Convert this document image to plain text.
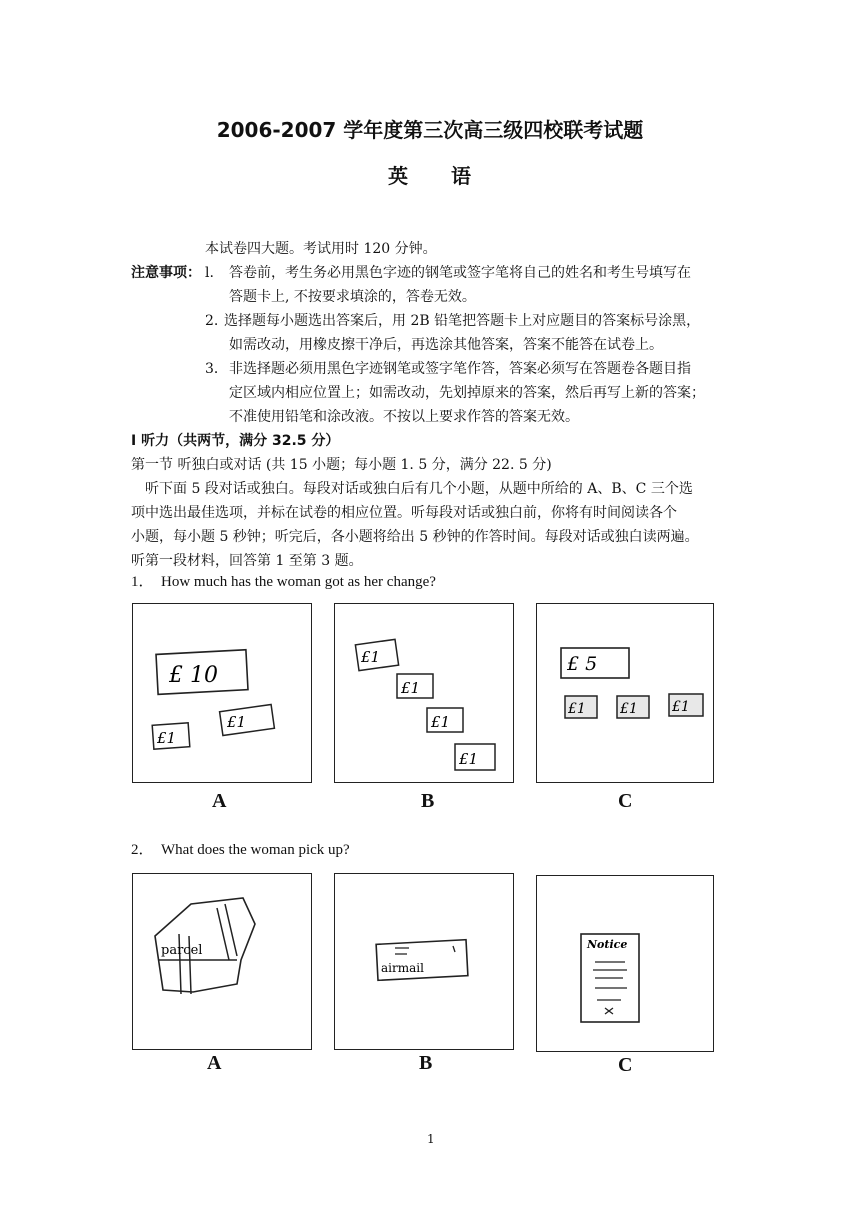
2006-2007 学年度第三次高三级四校联考试题
英　　语
本试卷四大题。考试用时 120 分钟。
注意事项： l. 答卷前，考生务必用黑色字迹的钢笔或签字笔将自己的姓名和考生号填写在
答题卡上, 不按要求填涂的，答卷无效。
2. 选择题每小题选出答案后，用 2B 铅笔把答题卡上对应题目的答案标号涂黑，
如需改动，用橡皮擦干净后，再选涂其他答案，答案不能答在试卷上。
3． 非选择题必须用黑色字迹钢笔或签字笔作答，答案必须写在答题卷各题目指
定区域内相应位置上；如需改动，先划掉原来的答案，然后再写上新的答案；
不准使用铅笔和涂改液。不按以上要求作答的答案无效。
I 听力（共两节，满分 32.5 分）
第一节 听独白或对话 (共 15 小题；每小题 1. 5 分，满分 22. 5 分)
听下面 5 段对话或独白。每段对话或独白后有几个小题，从题中所给的 A、B、C 三个选
项中选出最佳选项，并标在试卷的相应位置。听每段对话或独白前，你将有时间阅读各个
小题，每小题 5 秒钟；听完后，各小题将给出 5 秒钟的作答时间。每段对话或独白读两遍。
听第一段材料，回答第 1 至第 3 题。
1．　How much has the woman got as her change?
£ 10
£1
£1
A
£1
£1
£1
£1
B
£ 5
£1 £1 £1
C
2．　What does the woman pick up?
parcel
A
airmail
B
Notice
C
1
